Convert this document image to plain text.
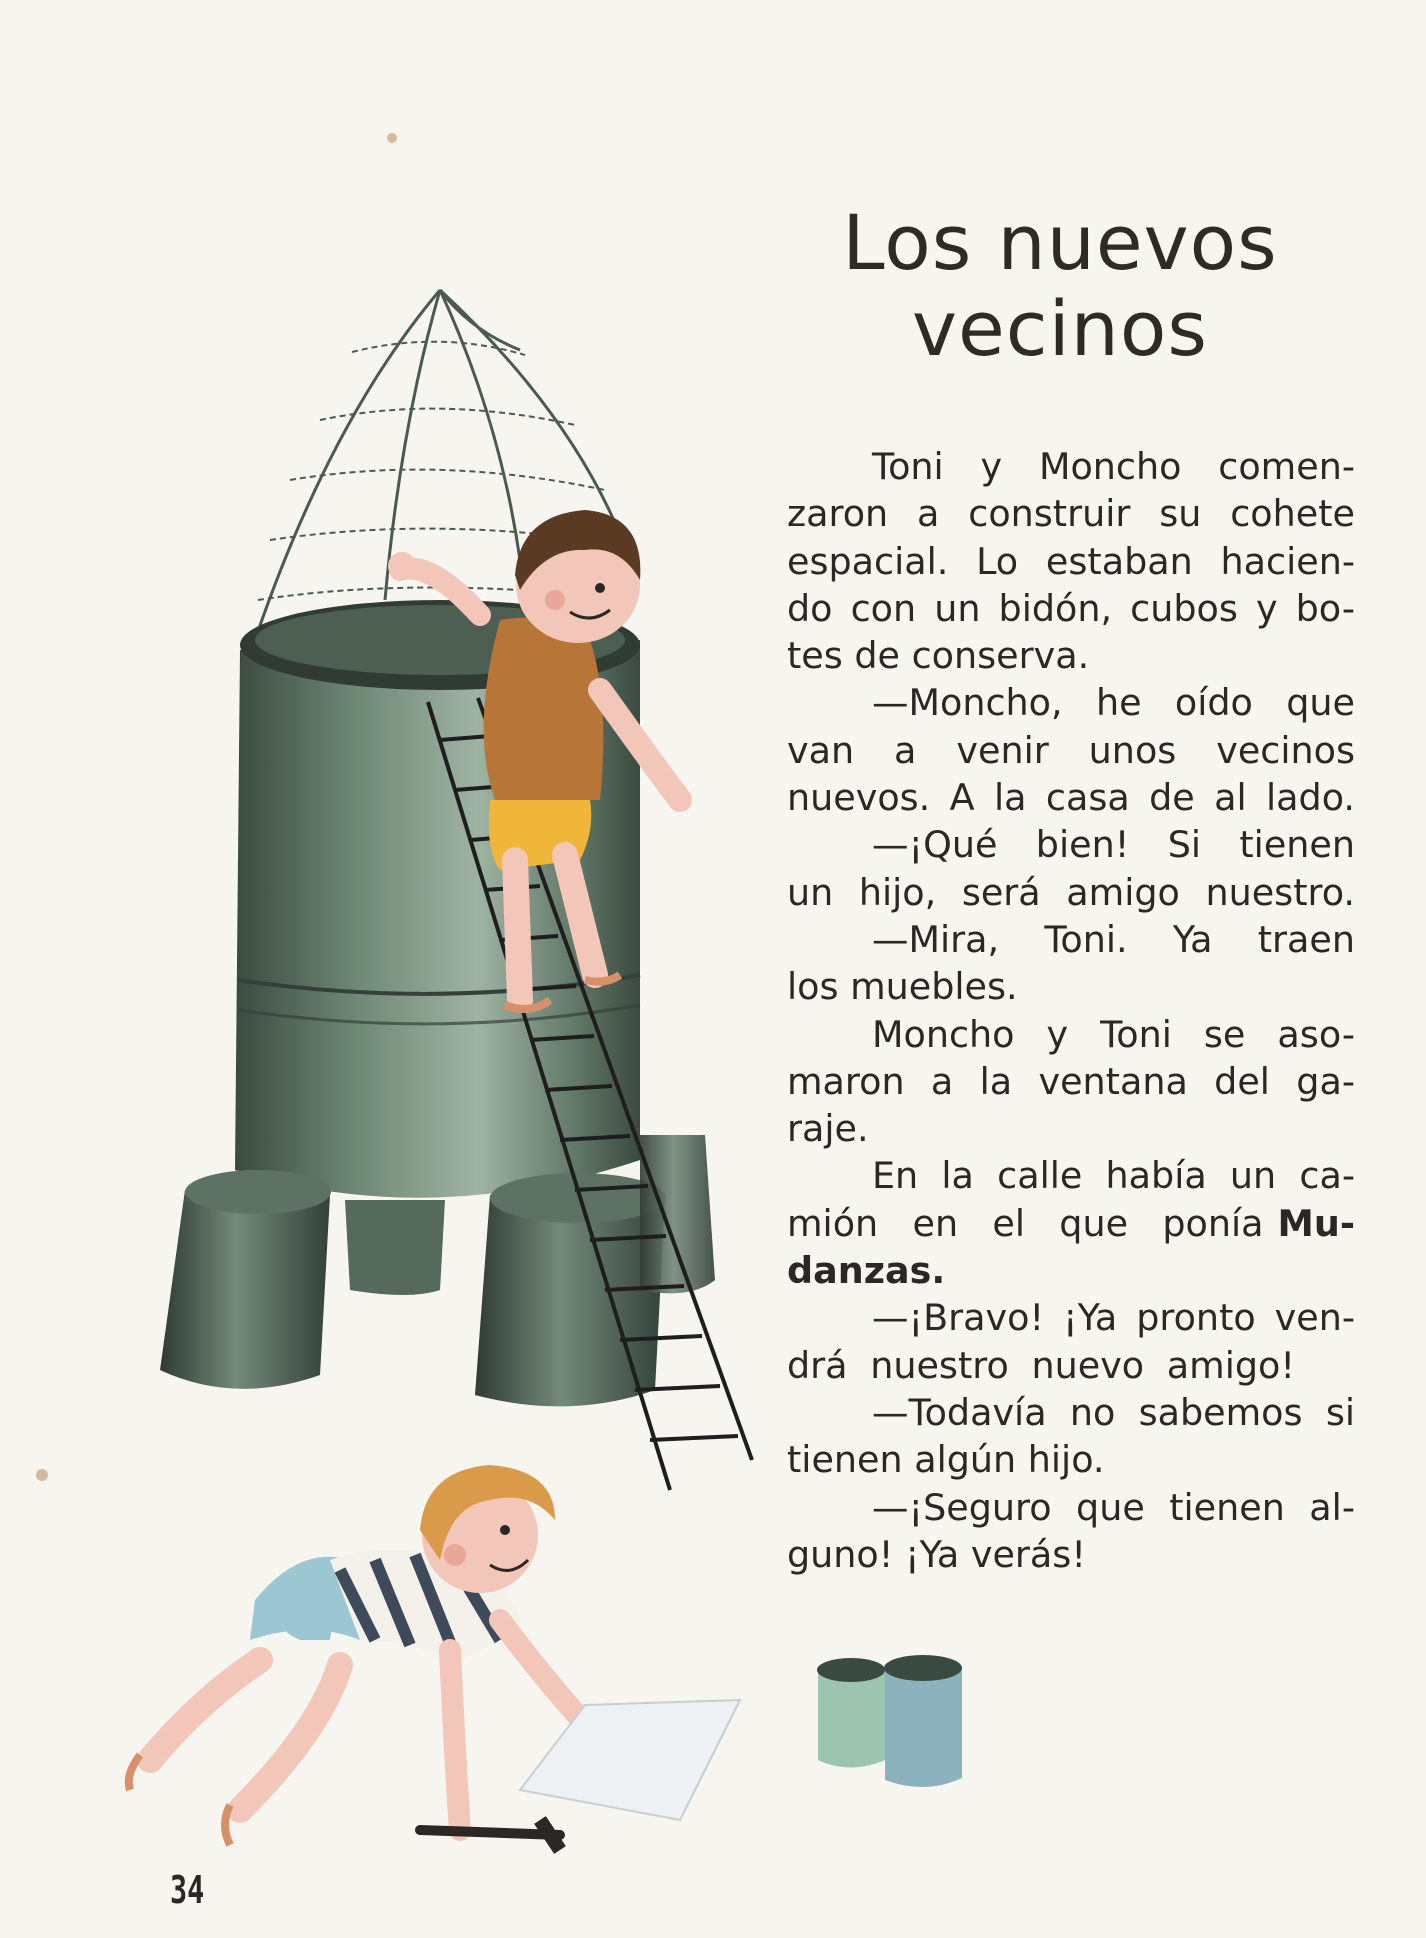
Los nuevos
vecinos
Toni y Moncho comen-
zaron a construir su cohete
espacial. Lo estaban hacien-
do con un bidón, cubos y bo-
tes de conserva.
—Moncho, he oído que
van a venir unos vecinos
nuevos. A la casa de al lado.
—¡Qué bien! Si tienen
un hijo, será amigo nuestro.
—Mira, Toni. Ya traen
los muebles.
Moncho y Toni se aso-
maron a la ventana del ga-
raje.
En la calle había un ca-
mión en el que ponía Mu-
danzas.
—¡Bravo! ¡Ya pronto ven-
drá nuestro nuevo amigo!
—Todavía no sabemos si
tienen algún hijo.
—¡Seguro que tienen al-
guno! ¡Ya verás!
34
